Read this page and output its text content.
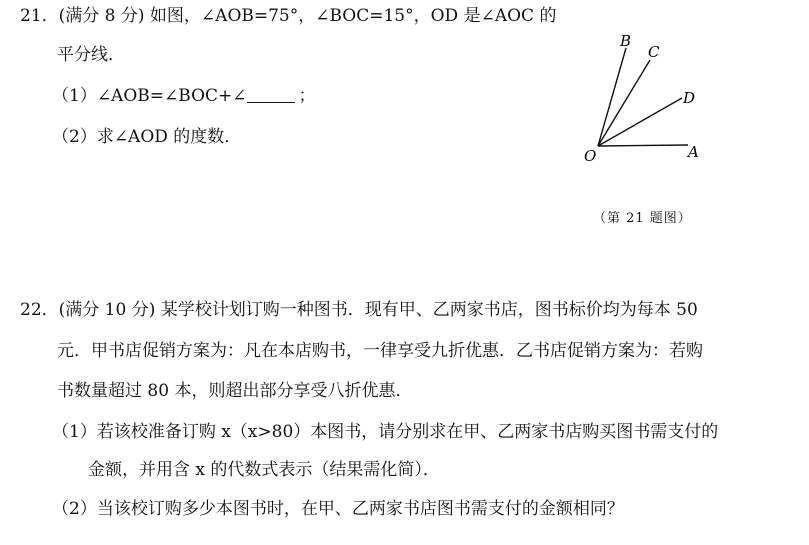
21．(满分 8 分) 如图，∠AOB=75°，∠BOC=15°，OD 是∠AOC 的
平分线．
（1）∠AOB=∠BOC+∠	；
（2）求∠AOD 的度数．
B
C
D
O	A
（第 21 题图）
22．(满分 10 分) 某学校计划订购一种图书．现有甲、乙两家书店，图书标价均为每本 50
元．甲书店促销方案为：凡在本店购书，一律享受九折优惠．乙书店促销方案为：若购
书数量超过 80 本，则超出部分享受八折优惠．
（1）若该校准备订购 x（x>80）本图书，请分别求在甲、乙两家书店购买图书需支付的
金额，并用含 x 的代数式表示（结果需化简）．
（2）当该校订购多少本图书时，在甲、乙两家书店图书需支付的金额相同？
